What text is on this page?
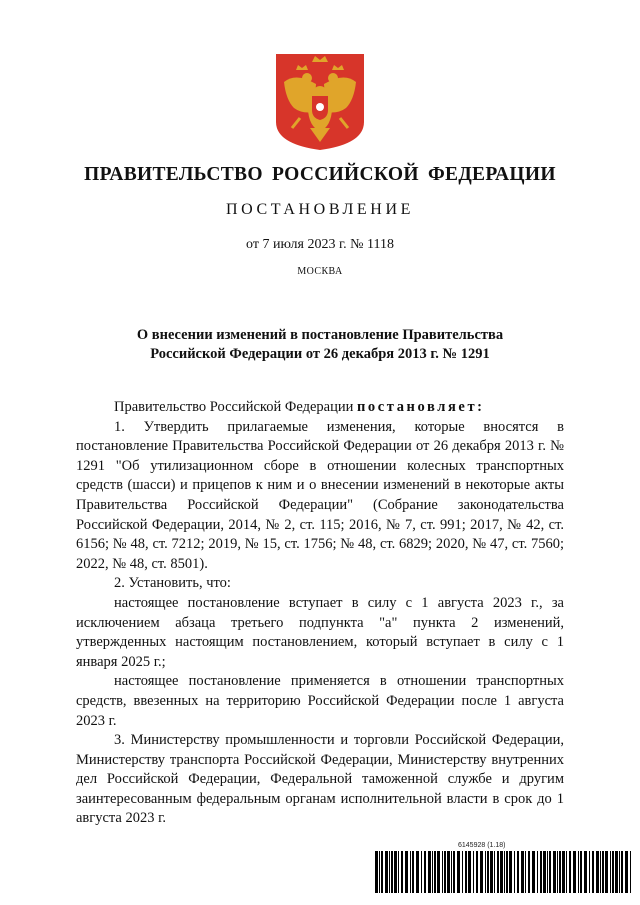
ПРАВИТЕЛЬСТВО РОССИЙСКОЙ ФЕДЕРАЦИИ
ПОСТАНОВЛЕНИЕ
от 7 июля 2023 г. № 1118
МОСКВА
О внесении изменений в постановление Правительства
Российской Федерации от 26 декабря 2013 г. № 1291

Правительство Российской Федерации постановляет:

1. Утвердить прилагаемые изменения, которые вносятся в постановление Правительства Российской Федерации от 26 декабря 2013 г. № 1291 "Об утилизационном сборе в отношении колесных транспортных средств (шасси) и прицепов к ним и о внесении изменений в некоторые акты Правительства Российской Федерации" (Собрание законодательства Российской Федерации, 2014, № 2, ст. 115; 2016, № 7, ст. 991; 2017, № 42, ст. 6156; № 48, ст. 7212; 2019, № 15, ст. 1756; № 48, ст. 6829; 2020, № 47, ст. 7560; 2022, № 48, ст. 8501).

2. Установить, что:

настоящее постановление вступает в силу с 1 августа 2023 г., за исключением абзаца третьего подпункта "а" пункта 2 изменений, утвержденных настоящим постановлением, который вступает в силу с 1 января 2025 г.;

настоящее постановление применяется в отношении транспортных средств, ввезенных на территорию Российской Федерации после 1 августа 2023 г.

3. Министерству промышленности и торговли Российской Федерации, Министерству транспорта Российской Федерации, Министерству внутренних дел Российской Федерации, Федеральной таможенной службе и другим заинтересованным федеральным органам исполнительной власти в срок до 1 августа 2023 г.

6145928 (1.18)
